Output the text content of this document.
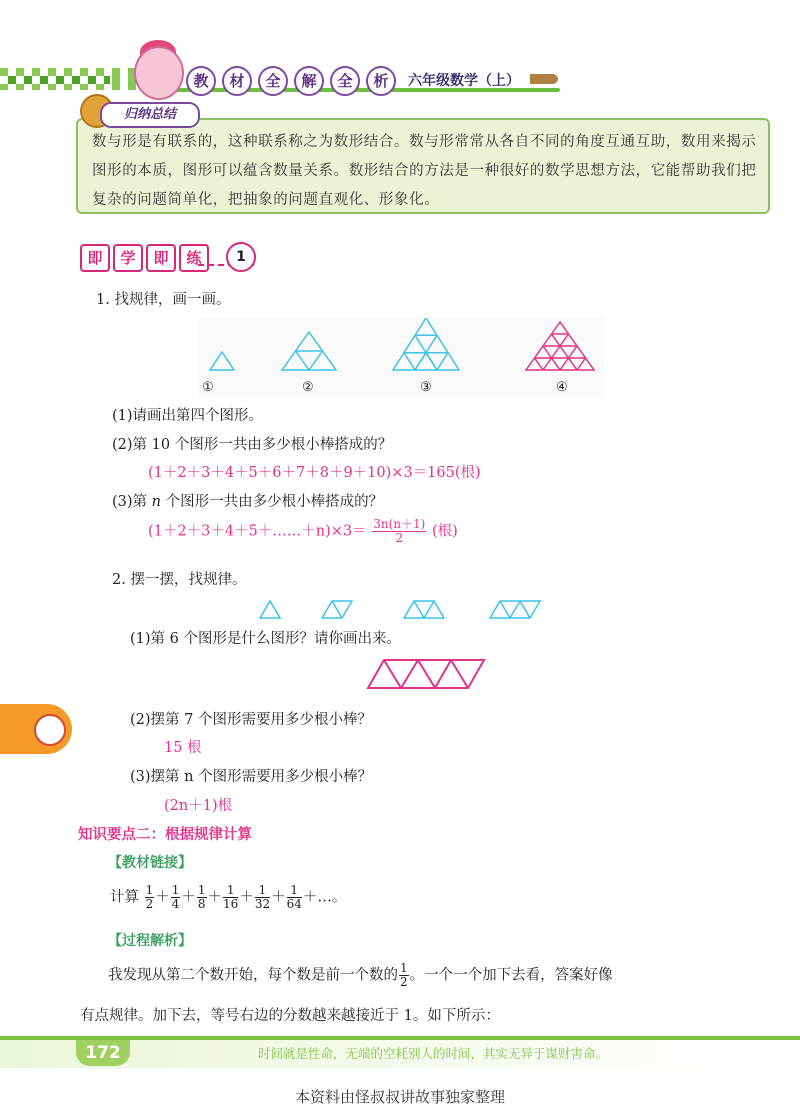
教	材	全	解	全	析	六年级数学（上）
归纳总结
数与形是有联系的，这种联系称之为数形结合。数与形常常从各自不同的角度互通互助，数用来揭示图形的本质，图形可以蕴含数量关系。数形结合的方法是一种很好的数学思想方法，它能帮助我们把复杂的问题简单化，把抽象的问题直观化、形象化。
即	学	即	练	1
1. 找规律，画一画。
①	②	③	④
(1)请画出第四个图形。
(2)第 10 个图形一共由多少根小棒搭成的？
(1＋2＋3＋4＋5＋6＋7＋8＋9＋10)×3＝165(根)
(3)第 n 个图形一共由多少根小棒搭成的？
(1＋2＋3＋4＋5＋……＋n)×3＝ $\frac{3n(n+1)}{2}$ (根)
2. 摆一摆，找规律。
(1)第 6 个图形是什么图形？请你画出来。
(2)摆第 7 个图形需要用多少根小棒？
15 根
(3)摆第 n 个图形需要用多少根小棒？
(2n＋1)根
知识要点二：根据规律计算
【教材链接】
计算 $\frac{1}{2} + \frac{1}{4} + \frac{1}{8} + \frac{1}{16} + \frac{1}{32} + \frac{1}{64}$ ＋…。
【过程解析】
我发现从第二个数开始，每个数是前一个数的 $\frac{1}{2}$ 。一个一个加下去看，答案好像
有点规律。加下去，等号右边的分数越来越接近于 1。如下所示：
172	时间就是性命，无端的空耗别人的时间，其实无异于谋财害命。
本资料由怪叔叔讲故事独家整理
